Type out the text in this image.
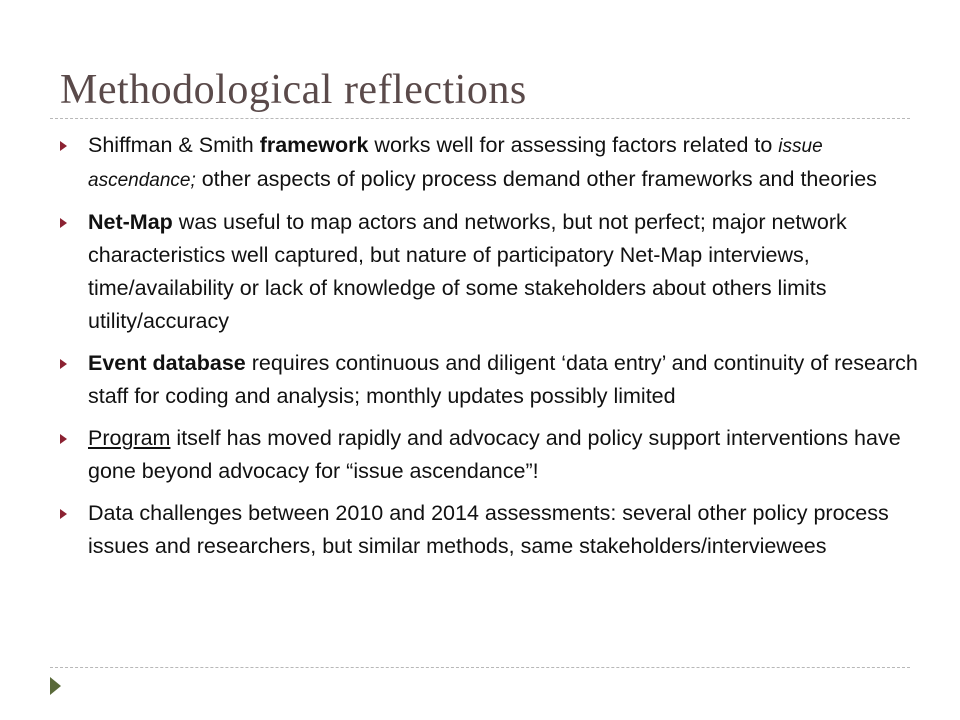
Methodological reflections
Shiffman & Smith framework works well for assessing factors related to issue ascendance; other aspects of policy process demand other frameworks and theories
Net-Map was useful to map actors and networks, but not perfect; major network characteristics well captured, but nature of participatory Net-Map interviews, time/availability or lack of knowledge of some stakeholders about others limits utility/accuracy
Event database requires continuous and diligent ‘data entry’ and continuity of research staff for coding and analysis; monthly updates possibly limited
Program itself has moved rapidly and advocacy and policy support interventions have gone beyond advocacy for “issue ascendance”!
Data challenges between 2010 and 2014 assessments: several other policy process issues and researchers, but similar methods, same stakeholders/interviewees
